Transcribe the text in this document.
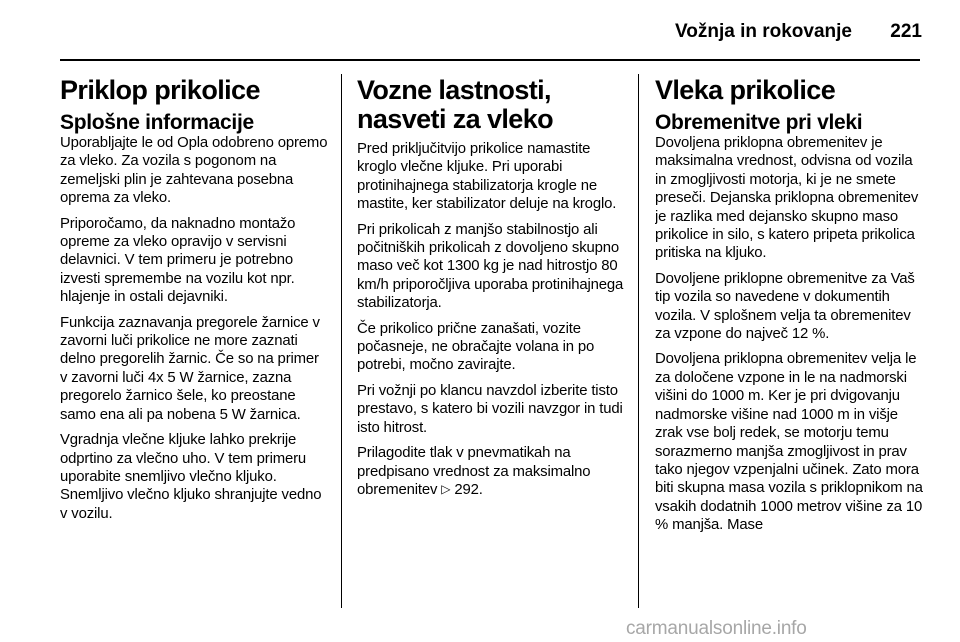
Vožnja in rokovanje 221
Priklop prikolice
Splošne informacije

Uporabljajte le od Opla odobreno opremo za vleko. Za vozila s pogonom na zemeljski plin je zahtevana posebna oprema za vleko.

Priporočamo, da naknadno montažo opreme za vleko opravijo v servisni delavnici. V tem primeru je potrebno izvesti spremembe na vozilu kot npr. hlajenje in ostali dejavniki.

Funkcija zaznavanja pregorele žarnice v zavorni luči prikolice ne more zaznati delno pregorelih žarnic. Če so na primer v zavorni luči 4x 5 W žarnice, zazna pregorelo žarnico šele, ko preostane samo ena ali pa nobena 5 W žarnica.

Vgradnja vlečne kljuke lahko prekrije odprtino za vlečno uho. V tem primeru uporabite snemljivo vlečno kljuko. Snemljivo vlečno kljuko shranjujte vedno v vozilu.

Vozne lastnosti, nasveti za vleko

Pred priključitvijo prikolice namastite kroglo vlečne kljuke. Pri uporabi protinihajnega stabilizatorja krogle ne mastite, ker stabilizator deluje na kroglo.

Pri prikolicah z manjšo stabilnostjo ali počitniških prikolicah z dovoljeno skupno maso več kot 1300 kg je nad hitrostjo 80 km/h priporočljiva uporaba protinihajnega stabilizatorja.

Če prikolico prične zanašati, vozite počasneje, ne obračajte volana in po potrebi, močno zavirajte.

Pri vožnji po klancu navzdol izberite tisto prestavo, s katero bi vozili navzgor in tudi isto hitrost.

Prilagodite tlak v pnevmatikah na predpisano vrednost za maksimalno obremenitev ▷ 292.

Vleka prikolice
Obremenitve pri vleki

Dovoljena priklopna obremenitev je maksimalna vrednost, odvisna od vozila in zmogljivosti motorja, ki je ne smete preseči. Dejanska priklopna obremenitev je razlika med dejansko skupno maso prikolice in silo, s katero pripeta prikolica pritiska na kljuko.

Dovoljene priklopne obremenitve za Vaš tip vozila so navedene v dokumentih vozila. V splošnem velja ta obremenitev za vzpone do največ 12 %.

Dovoljena priklopna obremenitev velja le za določene vzpone in le na nadmorski višini do 1000 m. Ker je pri dvigovanju nadmorske višine nad 1000 m in višje zrak vse bolj redek, se motorju temu sorazmerno manjša zmogljivost in prav tako njegov vzpenjalni učinek. Zato mora biti skupna masa vozila s priklopnikom na vsakih dodatnih 1000 metrov višine za 10 % manjša. Mase

carmanualsonline.info
